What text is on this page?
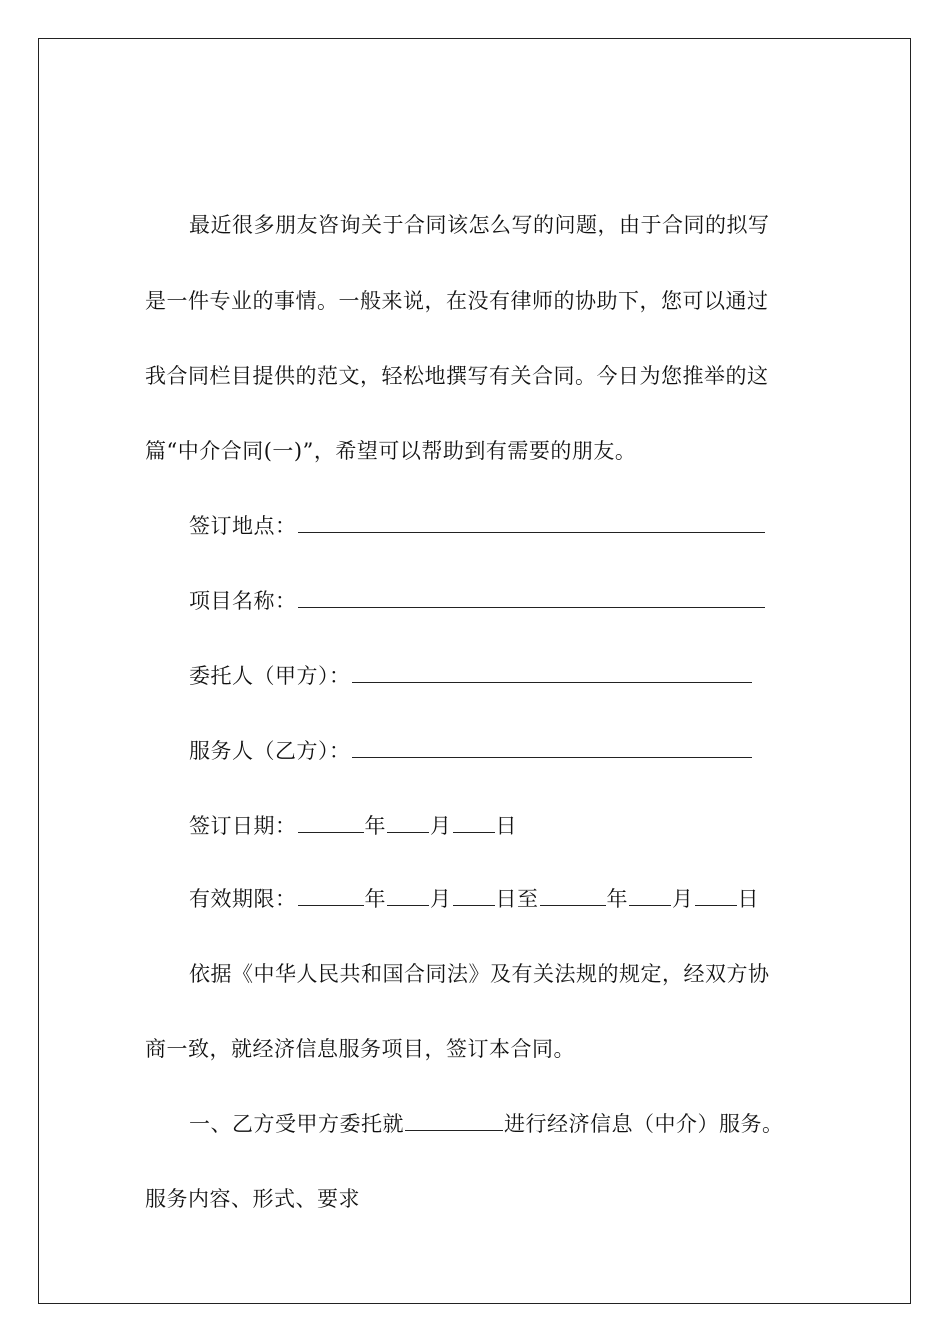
最近很多朋友咨询关于合同该怎么写的问题，由于合同的拟写
是一件专业的事情。一般来说，在没有律师的协助下，您可以通过
我合同栏目提供的范文，轻松地撰写有关合同。今日为您推举的这
篇“中介合同(一)”，希望可以帮助到有需要的朋友。
签订地点：
项目名称：
委托人（甲方）：
服务人（乙方）：
签订日期：	年 月 日
有效期限：	年 月 日至	年 月 日
依据《中华人民共和国合同法》及有关法规的规定，经双方协
商一致，就经济信息服务项目，签订本合同。
一、乙方受甲方委托就	进行经济信息（中介）服务。
服务内容、形式、要求
